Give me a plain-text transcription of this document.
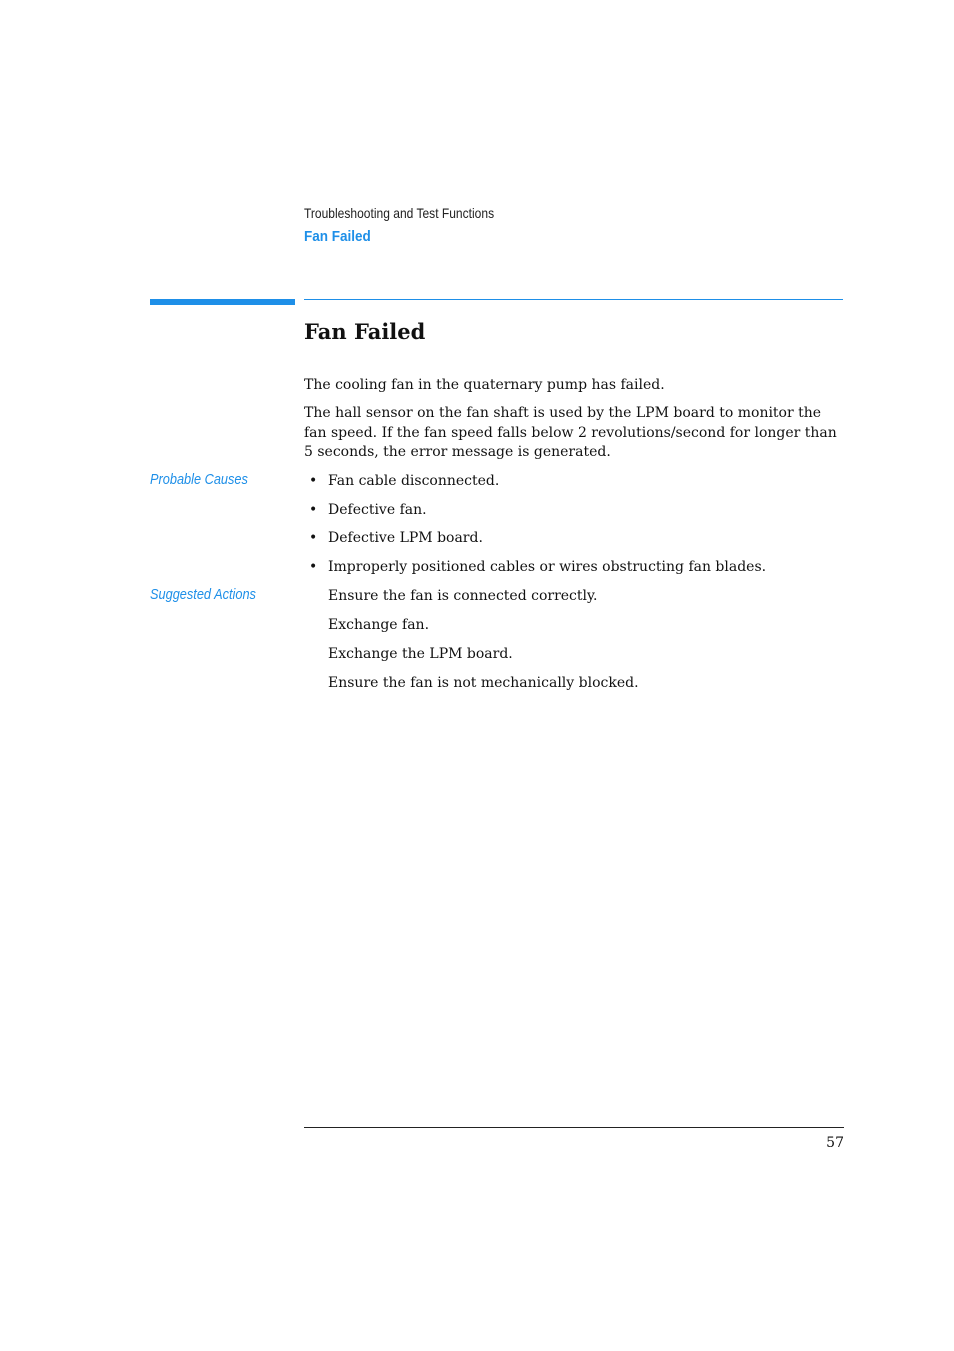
Troubleshooting and Test Functions
Fan Failed
Fan Failed

The cooling fan in the quaternary pump has failed.

The hall sensor on the fan shaft is used by the LPM board to monitor the fan speed. If the fan speed falls below 2 revolutions/second for longer than 5 seconds, the error message is generated.

Probable Causes	• Fan cable disconnected.
• Defective fan.
• Defective LPM board.
• Improperly positioned cables or wires obstructing fan blades.
Suggested Actions	Ensure the fan is connected correctly.
Exchange fan.
Exchange the LPM board.
Ensure the fan is not mechanically blocked.
57
